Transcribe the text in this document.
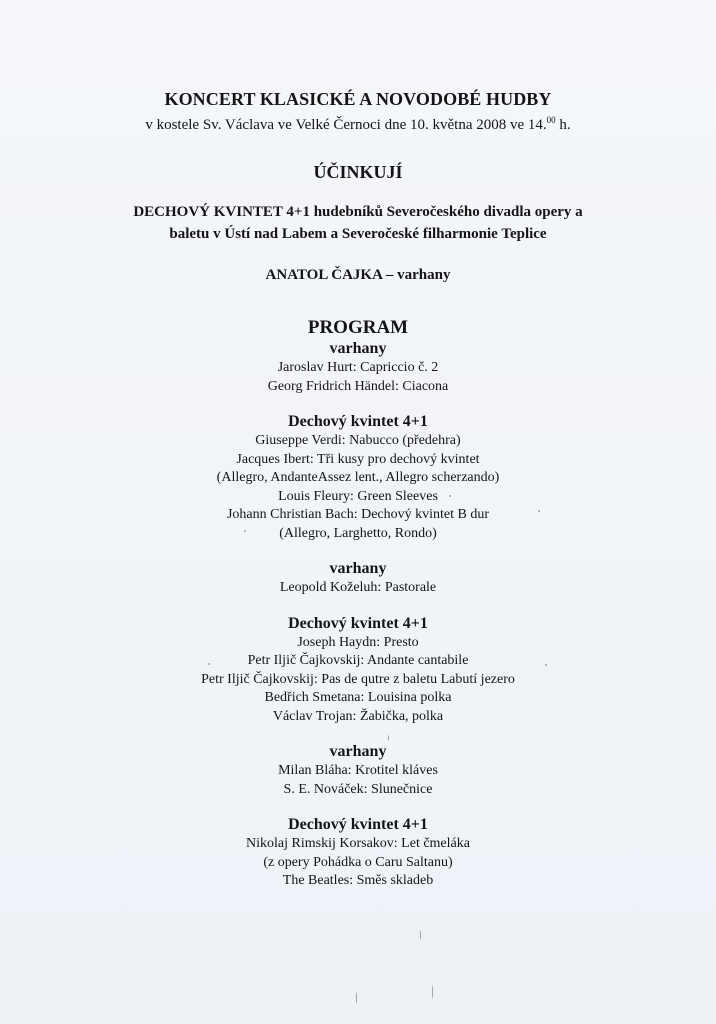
KONCERT KLASICKÉ A NOVODOBÉ HUDBY

v kostele Sv. Václava ve Velké Černoci dne 10. května 2008 ve 14.00 h.

ÚČINKUJÍ

DECHOVÝ KVINTET 4+1 hudebníků Severočeského divadla opery a
baletu v Ústí nad Labem a Severočeské filharmonie Teplice

ANATOL ČAJKA – varhany

PROGRAM

varhany

Jaroslav Hurt: Capriccio č. 2

Georg Fridrich Händel: Ciacona

Dechový kvintet 4+1

Giuseppe Verdi: Nabucco (předehra)

Jacques Ibert: Tři kusy pro dechový kvintet

(Allegro, AndanteAssez lent., Allegro scherzando)

Louis Fleury: Green Sleeves

Johann Christian Bach: Dechový kvintet B dur

(Allegro, Larghetto, Rondo)

varhany

Leopold Koželuh: Pastorale

Dechový kvintet 4+1

Joseph Haydn: Presto

Petr Iljič Čajkovskij: Andante cantabile

Petr Iljič Čajkovskij: Pas de qutre z baletu Labutí jezero

Bedřich Smetana: Louisina polka

Václav Trojan: Žabička, polka

varhany

Milan Bláha: Krotitel kláves

S. E. Nováček: Slunečnice

Dechový kvintet 4+1

Nikolaj Rimskij Korsakov: Let čmeláka

(z opery Pohádka o Caru Saltanu)

The Beatles: Směs skladeb
